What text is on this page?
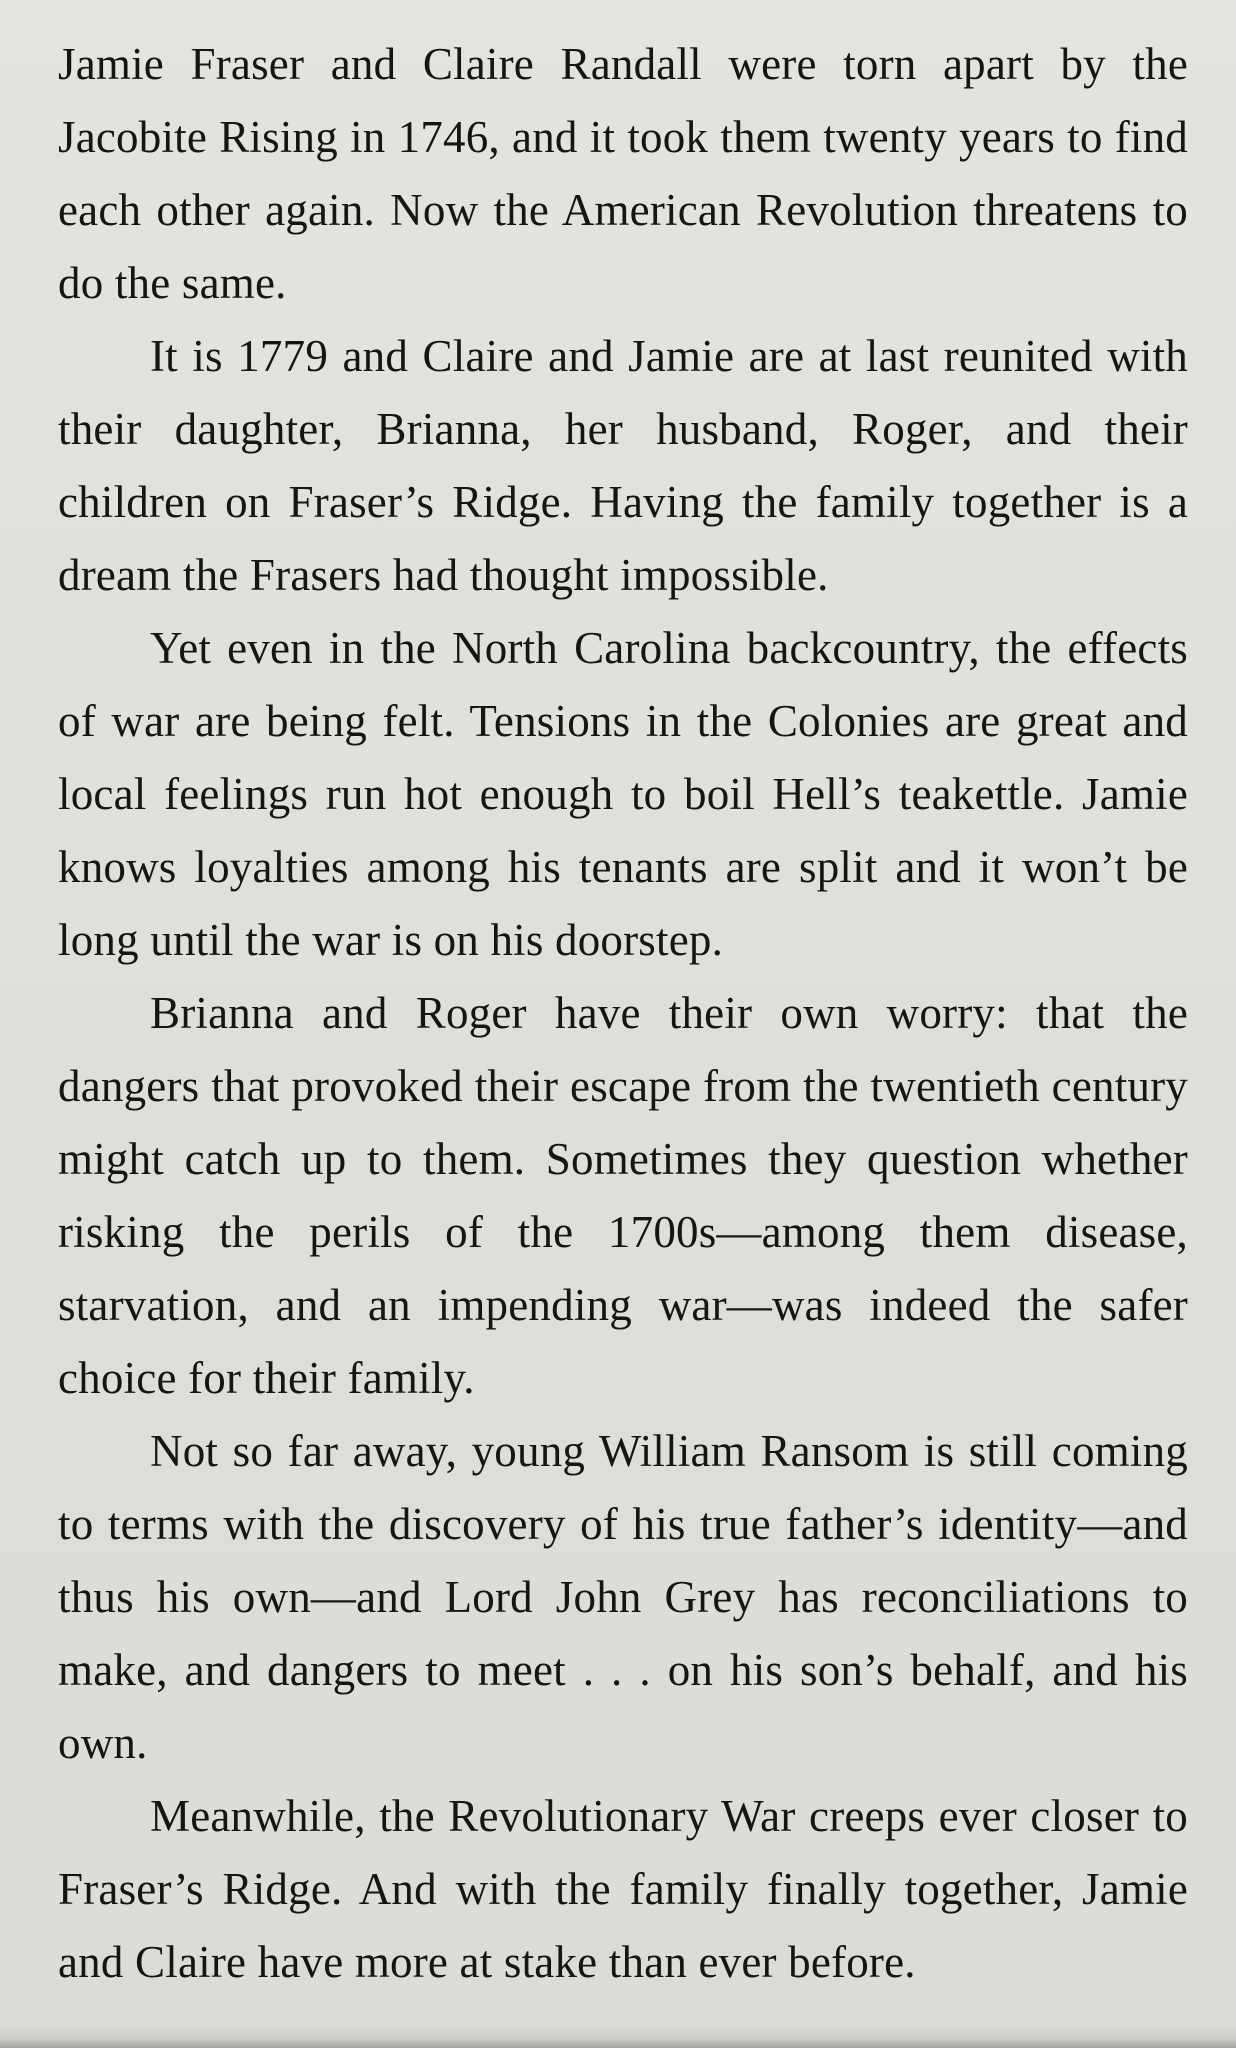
Jamie Fraser and Claire Randall were torn apart by the Jacobite Rising in 1746, and it took them twenty years to find each other again. Now the American Revolution threatens to do the same.

It is 1779 and Claire and Jamie are at last reunited with their daughter, Brianna, her husband, Roger, and their children on Fraser’s Ridge. Having the family together is a dream the Frasers had thought impossible.

Yet even in the North Carolina backcountry, the effects of war are being felt. Tensions in the Colonies are great and local feelings run hot enough to boil Hell’s teakettle. Jamie knows loyalties among his tenants are split and it won’t be long until the war is on his doorstep.

Brianna and Roger have their own worry: that the dangers that provoked their escape from the twentieth century might catch up to them. Sometimes they question whether risking the perils of the 1700s—among them disease, starvation, and an impending war—was indeed the safer choice for their family.

Not so far away, young William Ransom is still coming to terms with the discovery of his true father’s identity—and thus his own—and Lord John Grey has reconciliations to make, and dangers to meet . . . on his son’s behalf, and his own.

Meanwhile, the Revolutionary War creeps ever closer to Fraser’s Ridge. And with the family finally together, Jamie and Claire have more at stake than ever before.
